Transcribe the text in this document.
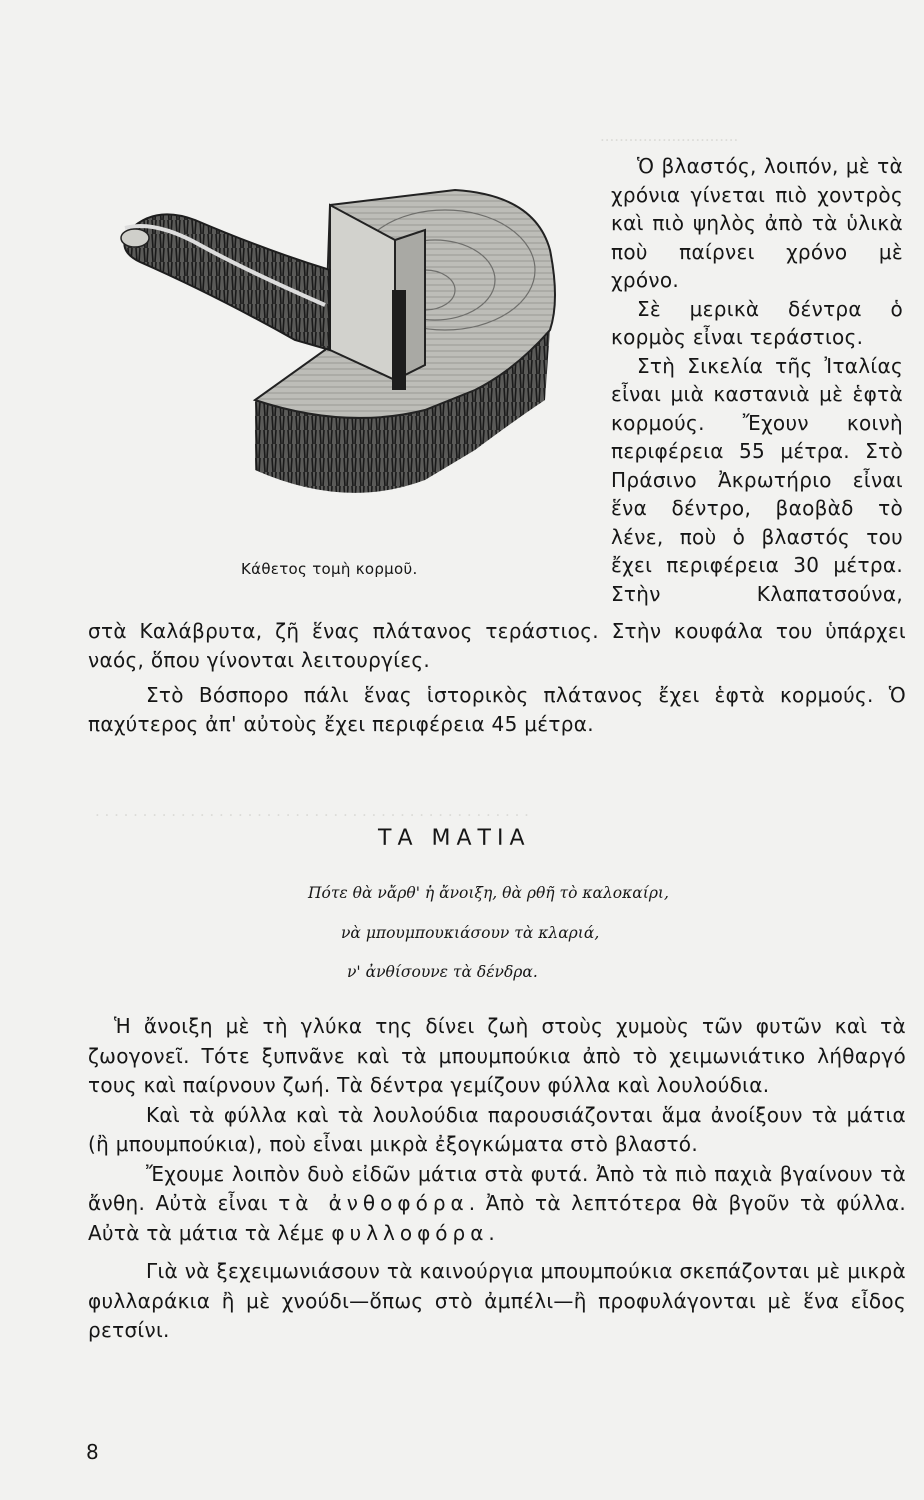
·····························
· · · · · · · · · · · · · · · · · · · · · · · · · · · · · · · · · · · · · · · · · · · · · ·
Κάθετος τομὴ κορμοῦ.

Ὁ βλαστός, λοιπόν, μὲ τὰ χρόνια γίνεται πιὸ χοντρὸς καὶ πιὸ ψηλὸς ἀπὸ τὰ ὑλικὰ ποὺ παίρνει χρόνο μὲ χρόνο.

Σὲ μερικὰ δέντρα ὁ κορμὸς εἶναι τεράστιος.

Στὴ Σικελία τῆς Ἰταλίας εἶναι μιὰ καστανιὰ μὲ ἑφτὰ κορμούς. Ἔχουν κοινὴ περιφέρεια 55 μέτρα. Στὸ Πράσινο Ἀκρωτήριο εἶναι ἕνα δέντρο, βαοβὰδ τὸ λένε, ποὺ ὁ βλαστός του ἔχει περιφέρεια 30 μέτρα. Στὴν Κλαπατσούνα,

στὰ Καλάβρυτα, ζῆ ἕνας πλάτανος τεράστιος. Στὴν κουφάλα του ὑπάρχει ναός, ὅπου γίνονται λειτουργίες.

Στὸ Βόσπορο πάλι ἕνας ἱστορικὸς πλάτανος ἔχει ἑφτὰ κορμούς. Ὁ παχύτερος ἀπ' αὐτοὺς ἔχει περιφέρεια 45 μέτρα.

ΤΑ ΜΑΤΙΑ
Πότε θὰ νἄρθ' ἡ ἄνοιξη, θὰ ρθῆ τὸ καλοκαίρι,
νὰ μπουμπουκιάσουν τὰ κλαριά,
ν' ἀνθίσουνε τὰ δένδρα.

Ἡ ἄνοιξη μὲ τὴ γλύκα της δίνει ζωὴ στοὺς χυμοὺς τῶν φυτῶν καὶ τὰ ζωογονεῖ. Τότε ξυπνᾶνε καὶ τὰ μπουμπούκια ἀπὸ τὸ χειμωνιάτικο λήθαργό τους καὶ παίρνουν ζωή. Τὰ δέντρα γεμίζουν φύλλα καὶ λουλούδια.

Καὶ τὰ φύλλα καὶ τὰ λουλούδια παρουσιάζονται ἅμα ἀνοίξουν τὰ μάτια (ἢ μπουμπούκια), ποὺ εἶναι μικρὰ ἐξογκώματα στὸ βλαστό.

Ἔχουμε λοιπὸν δυὸ εἰδῶν μάτια στὰ φυτά. Ἀπὸ τὰ πιὸ παχιὰ βγαίνουν τὰ ἄνθη. Αὐτὰ εἶναι τὰ ἀνθοφόρα. Ἀπὸ τὰ λεπτότερα θὰ βγοῦν τὰ φύλλα. Αὐτὰ τὰ μάτια τὰ λέμε φυλλοφόρα.

Γιὰ νὰ ξεχειμωνιάσουν τὰ καινούργια μπουμπούκια σκεπάζονται μὲ μικρὰ φυλλαράκια ἢ μὲ χνούδι—ὅπως στὸ ἀμπέλι—ἢ προφυλάγονται μὲ ἕνα εἶδος ρετσίνι.

8
